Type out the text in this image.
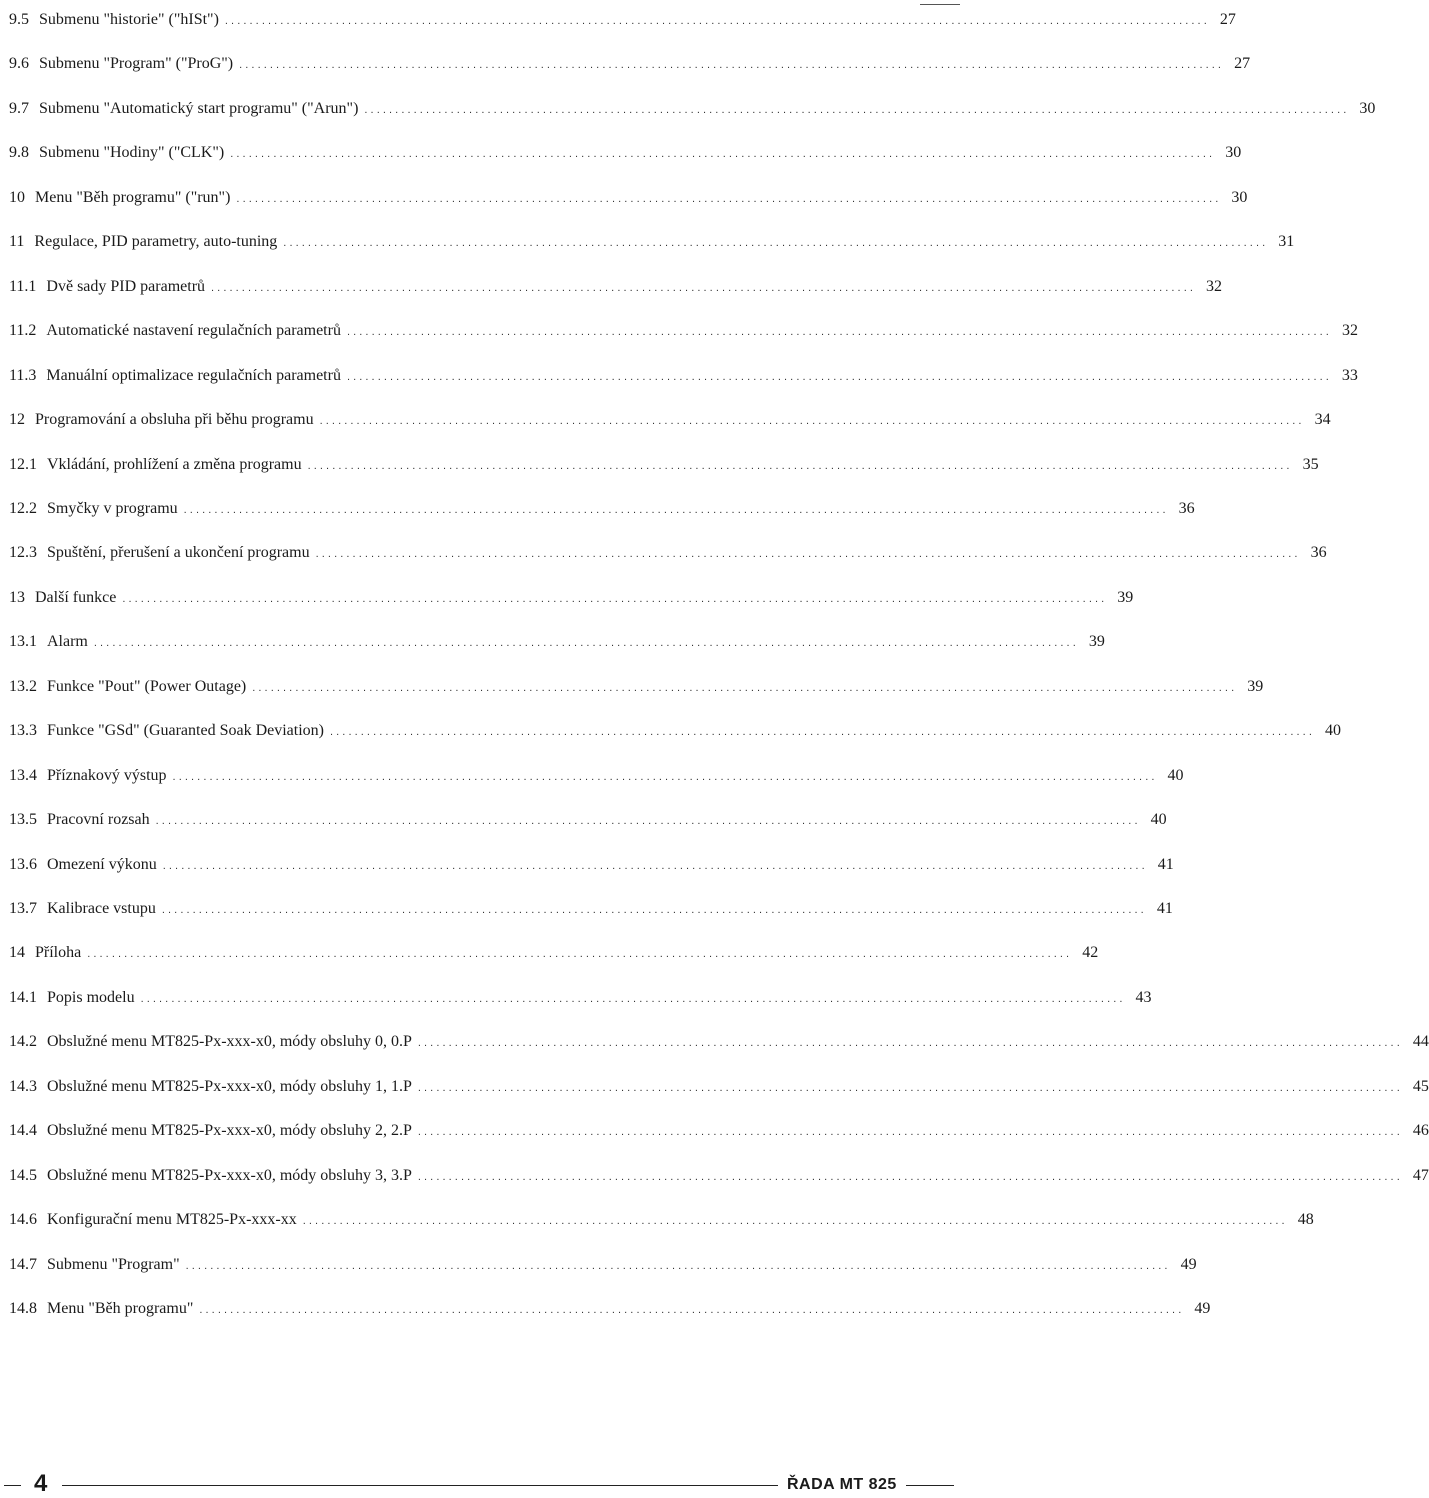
9.5 Submenu "historie" ("hISt") ................................................................................................................................................................ 27
9.6 Submenu "Program" ("ProG") ................................................................................................................................................................ 27
9.7 Submenu "Automatický start programu" ("Arun") ................................................................................................................................................................ 30
9.8 Submenu "Hodiny" ("CLK") ................................................................................................................................................................ 30
10 Menu "Běh programu" ("run") ................................................................................................................................................................ 30
11 Regulace, PID parametry, auto-tuning ................................................................................................................................................................ 31
11.1 Dvě sady PID parametrů ................................................................................................................................................................ 32
11.2 Automatické nastavení regulačních parametrů ................................................................................................................................................................ 32
11.3 Manuální optimalizace regulačních parametrů ................................................................................................................................................................ 33
12 Programování a obsluha při běhu programu ................................................................................................................................................................ 34
12.1 Vkládání, prohlížení a změna programu ................................................................................................................................................................ 35
12.2 Smyčky v programu ................................................................................................................................................................ 36
12.3 Spuštění, přerušení a ukončení programu ................................................................................................................................................................ 36
13 Další funkce ................................................................................................................................................................ 39
13.1 Alarm ................................................................................................................................................................ 39
13.2 Funkce "Pout" (Power Outage) ................................................................................................................................................................ 39
13.3 Funkce "GSd" (Guaranted Soak Deviation) ................................................................................................................................................................ 40
13.4 Příznakový výstup ................................................................................................................................................................ 40
13.5 Pracovní rozsah ................................................................................................................................................................ 40
13.6 Omezení výkonu ................................................................................................................................................................ 41
13.7 Kalibrace vstupu ................................................................................................................................................................ 41
14 Příloha ................................................................................................................................................................ 42
14.1 Popis modelu ................................................................................................................................................................ 43
14.2 Obslužné menu MT825-Px-xxx-x0, módy obsluhy 0, 0.P ................................................................................................................................................................ 44
14.3 Obslužné menu MT825-Px-xxx-x0, módy obsluhy 1, 1.P ................................................................................................................................................................ 45
14.4 Obslužné menu MT825-Px-xxx-x0, módy obsluhy 2, 2.P ................................................................................................................................................................ 46
14.5 Obslužné menu MT825-Px-xxx-x0, módy obsluhy 3, 3.P ................................................................................................................................................................ 47
14.6 Konfigurační menu MT825-Px-xxx-xx ................................................................................................................................................................ 48
14.7 Submenu "Program" ................................................................................................................................................................ 49
14.8 Menu "Běh programu" ................................................................................................................................................................ 49
4	ŘADA MT 825
